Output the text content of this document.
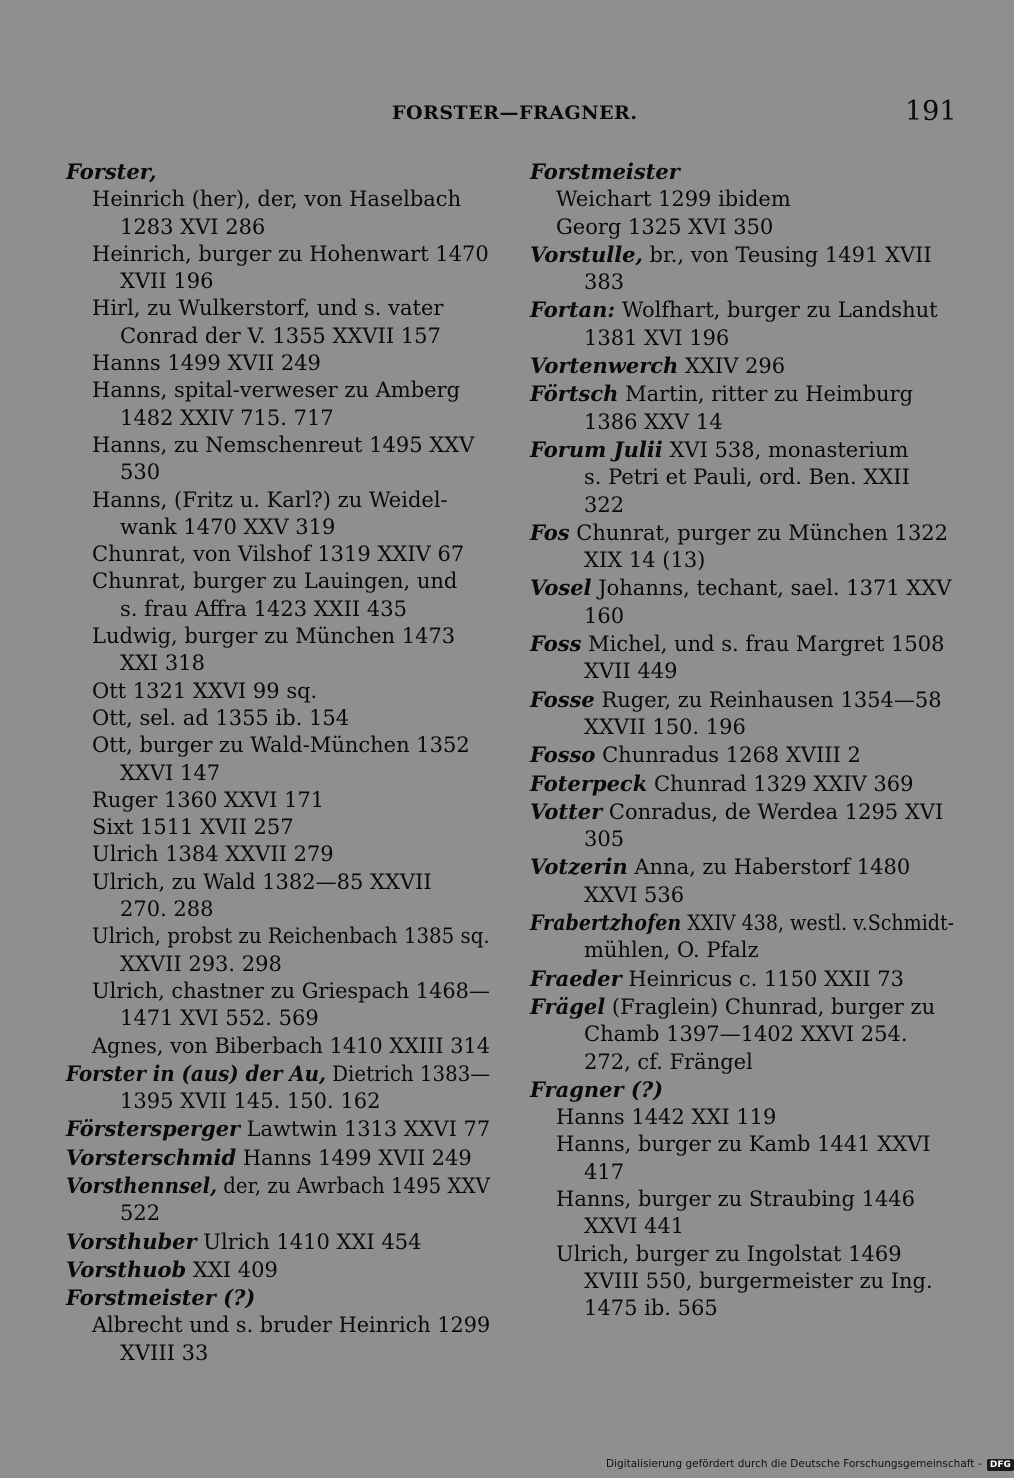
FORSTER—FRAGNER.	191
Forster,
Heinrich (her), der, von Haselbach
1283 XVI 286
Heinrich, burger zu Hohenwart 1470
XVII 196
Hirl, zu Wulkerstorf, und s. vater
Conrad der V. 1355 XXVII 157
Hanns 1499 XVII 249
Hanns, spital-verweser zu Amberg
1482 XXIV 715. 717
Hanns, zu Nemschenreut 1495 XXV
530
Hanns, (Fritz u. Karl?) zu Weidel-
wank 1470 XXV 319
Chunrat, von Vilshof 1319 XXIV 67
Chunrat, burger zu Lauingen, und
s. frau Affra 1423 XXII 435
Ludwig, burger zu München 1473
XXI 318
Ott 1321 XXVI 99 sq.
Ott, sel. ad 1355 ib. 154
Ott, burger zu Wald-München 1352
XXVI 147
Ruger 1360 XXVI 171
Sixt 1511 XVII 257
Ulrich 1384 XXVII 279
Ulrich, zu Wald 1382—85 XXVII
270. 288
Ulrich, probst zu Reichenbach 1385 sq.
XXVII 293. 298
Ulrich, chastner zu Griespach 1468—
1471 XVI 552. 569
Agnes, von Biberbach 1410 XXIII 314
Forster in (aus) der Au, Dietrich 1383—
1395 XVII 145. 150. 162
Förstersperger Lawtwin 1313 XXVI 77
Vorsterschmid Hanns 1499 XVII 249
Vorsthennsel, der, zu Awrbach 1495 XXV
522
Vorsthuber Ulrich 1410 XXI 454
Vorsthuob XXI 409
Forstmeister (?)
Albrecht und s. bruder Heinrich 1299
XVIII 33
Forstmeister
Weichart 1299 ibidem
Georg 1325 XVI 350
Vorstulle, br., von Teusing 1491 XVII
383
Fortan: Wolfhart, burger zu Landshut
1381 XVI 196
Vortenwerch XXIV 296
Förtsch Martin, ritter zu Heimburg
1386 XXV 14
Forum Julii XVI 538, monasterium
s. Petri et Pauli, ord. Ben. XXII
322
Fos Chunrat, purger zu München 1322
XIX 14 (13)
Vosel Johanns, techant, sael. 1371 XXV
160
Foss Michel, und s. frau Margret 1508
XVII 449
Fosse Ruger, zu Reinhausen 1354—58
XXVII 150. 196
Fosso Chunradus 1268 XVIII 2
Foterpeck Chunrad 1329 XXIV 369
Votter Conradus, de Werdea 1295 XVI
305
Votzerin Anna, zu Haberstorf 1480
XXVI 536
Frabertzhofen XXIV 438, westl. v.Schmidt-
mühlen, O. Pfalz
Fraeder Heinricus c. 1150 XXII 73
Frägel (Fraglein) Chunrad, burger zu
Chamb 1397—1402 XXVI 254.
272, cf. Frängel
Fragner (?)
Hanns 1442 XXI 119
Hanns, burger zu Kamb 1441 XXVI
417
Hanns, burger zu Straubing 1446
XXVI 441
Ulrich, burger zu Ingolstat 1469
XVIII 550, burgermeister zu Ing.
1475 ib. 565
Digitalisierung gefördert durch die Deutsche Forschungsgemeinschaft - DFG
